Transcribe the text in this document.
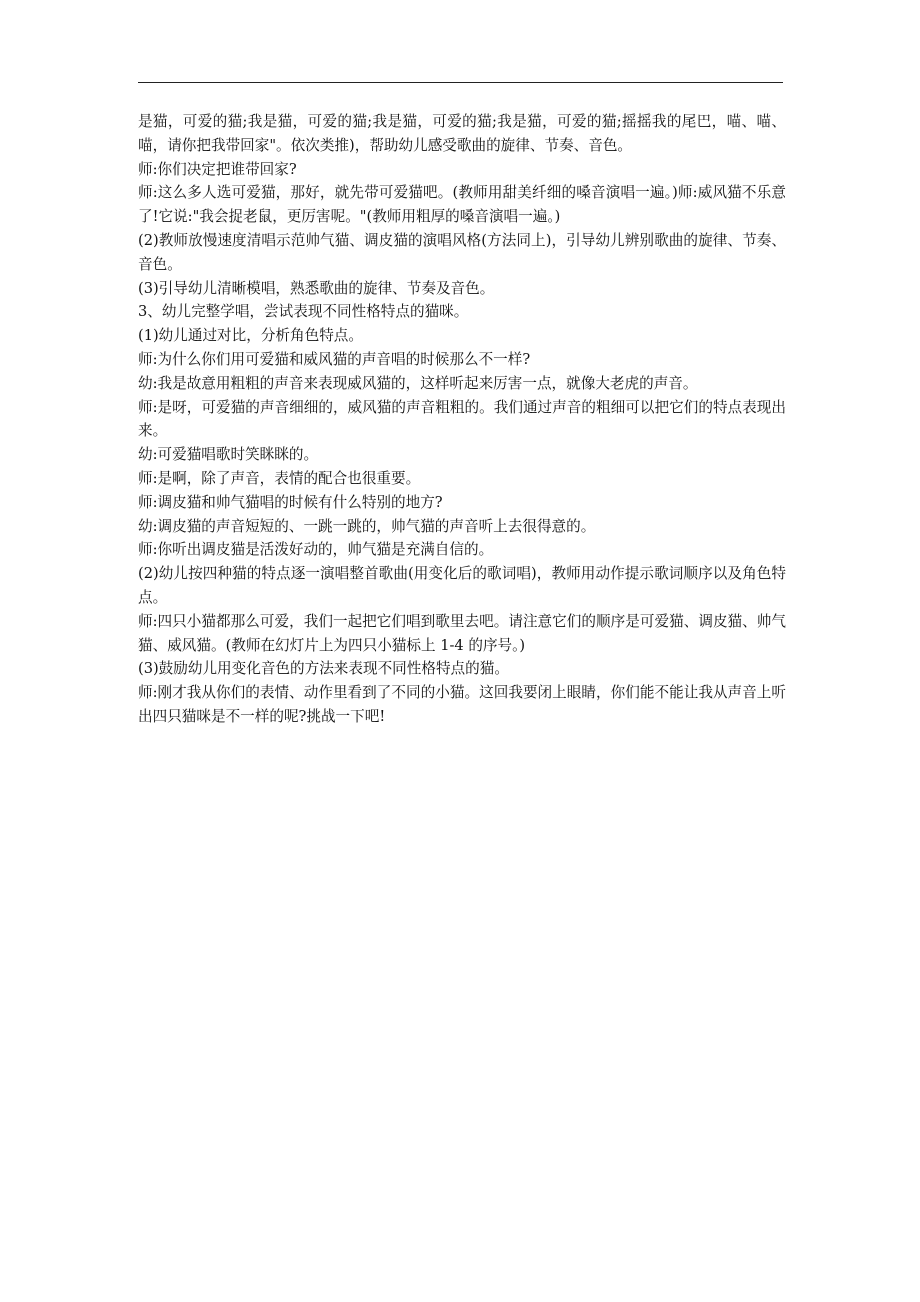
是猫，可爱的猫;我是猫，可爱的猫;我是猫，可爱的猫;我是猫，可爱的猫;摇摇我的尾巴，喵、喵、喵，请你把我带回家"。依次类推)，帮助幼儿感受歌曲的旋律、节奏、音色。

师:你们决定把谁带回家?

师:这么多人选可爱猫，那好，就先带可爱猫吧。(教师用甜美纤细的嗓音演唱一遍。)师:威风猫不乐意了!它说:"我会捉老鼠，更厉害呢。"(教师用粗厚的嗓音演唱一遍。)

(2)教师放慢速度清唱示范帅气猫、调皮猫的演唱风格(方法同上)，引导幼儿辨别歌曲的旋律、节奏、音色。

(3)引导幼儿清晰模唱，熟悉歌曲的旋律、节奏及音色。

3、幼儿完整学唱，尝试表现不同性格特点的猫咪。

(1)幼儿通过对比，分析角色特点。

师:为什么你们用可爱猫和威风猫的声音唱的时候那么不一样?

幼:我是故意用粗粗的声音来表现威风猫的，这样听起来厉害一点，就像大老虎的声音。

师:是呀，可爱猫的声音细细的，威风猫的声音粗粗的。我们通过声音的粗细可以把它们的特点表现出来。

幼:可爱猫唱歌时笑眯眯的。

师:是啊，除了声音，表情的配合也很重要。

师:调皮猫和帅气猫唱的时候有什么特别的地方?

幼:调皮猫的声音短短的、一跳一跳的，帅气猫的声音听上去很得意的。

师:你听出调皮猫是活泼好动的，帅气猫是充满自信的。

(2)幼儿按四种猫的特点逐一演唱整首歌曲(用变化后的歌词唱)，教师用动作提示歌词顺序以及角色特点。

师:四只小猫都那么可爱，我们一起把它们唱到歌里去吧。请注意它们的顺序是可爱猫、调皮猫、帅气猫、威风猫。(教师在幻灯片上为四只小猫标上 1-4 的序号。)

(3)鼓励幼儿用变化音色的方法来表现不同性格特点的猫。

师:刚才我从你们的表情、动作里看到了不同的小猫。这回我要闭上眼睛，你们能不能让我从声音上听出四只猫咪是不一样的呢?挑战一下吧!
